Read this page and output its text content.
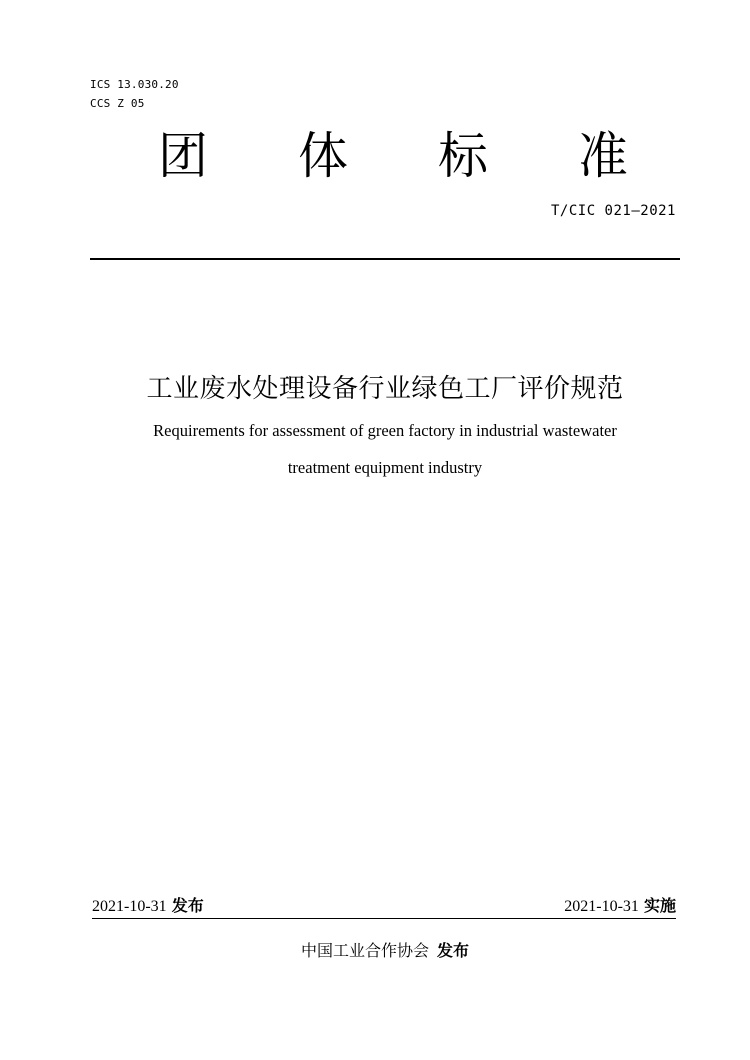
ICS 13.030.20
CCS Z 05
团 体 标 准
T/CIC 021—2021
工业废水处理设备行业绿色工厂评价规范
Requirements for assessment of green factory in industrial wastewater
treatment equipment industry
2021-10-31 发布	2021-10-31 实施
中国工业合作协会 发布
